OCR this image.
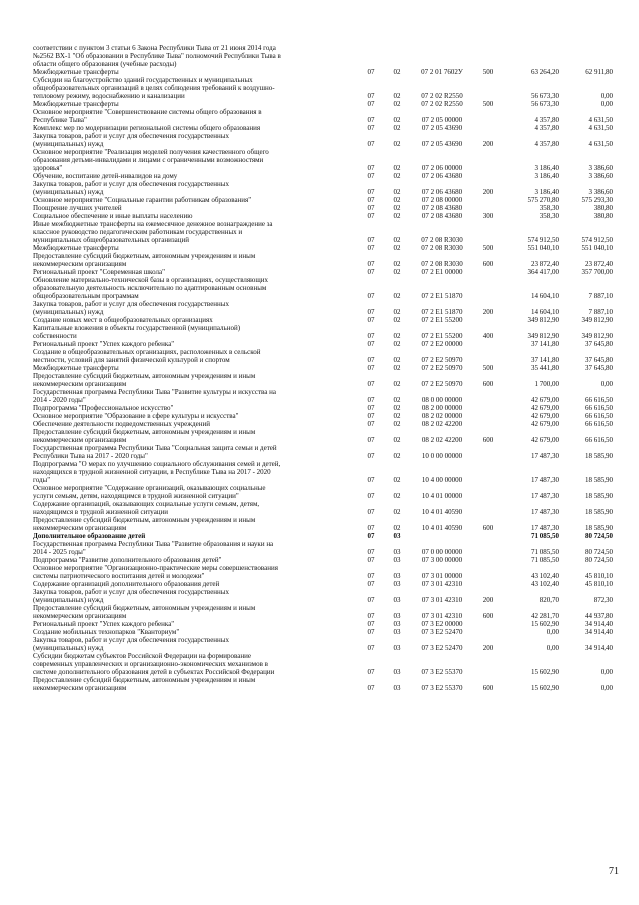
соответствии с пунктом 3 статьи 6 Закона Республики Тыва от 21 июня 2014 года
№2562 ВХ-1 "Об образовании в Республике Тыва" полномочий Республики Тыва в
области общего образования (учебные расходы)
Межбюджетные трансферты	07	02	07 2 01 7602У	500	63 264,20	62 911,80
Субсидии на благоустройство зданий государственных и муниципальных
общеобразовательных организаций в целях соблюдения требований к воздушно-
тепловому режиму, водоснабжению и канализации	07	02	07 2 02 R2550	56 673,30	0,00
Межбюджетные трансферты	07	02	07 2 02 R2550	500	56 673,30	0,00
Основное мероприятие "Совершенствование системы общего образования в
Республике Тыва"	07	02	07 2 05 00000	4 357,80	4 631,50
Комплекс мер по модернизации региональной системы общего образования	07	02	07 2 05 43690	4 357,80	4 631,50
Закупка товаров, работ и услуг для обеспечения государственных
(муниципальных) нужд	07	02	07 2 05 43690	200	4 357,80	4 631,50
Основное мероприятие "Реализация моделей получения качественного общего
образования детьми-инвалидами и лицами с ограниченными возможностями
здоровья"	07	02	07 2 06 00000	3 186,40	3 386,60
Обучение, воспитание детей-инвалидов на дому	07	02	07 2 06 43680	3 186,40	3 386,60
Закупка товаров, работ и услуг для обеспечения государственных
(муниципальных) нужд	07	02	07 2 06 43680	200	3 186,40	3 386,60
Основное мероприятие "Социальные гарантии работникам образования"	07	02	07 2 08 00000	575 270,80	575 293,30
Поощрение лучших учителей	07	02	07 2 08 43680	358,30	380,80
Социальное обеспечение и иные выплаты населению	07	02	07 2 08 43680	300	358,30	380,80
Иные межбюджетные трансферты на ежемесячное денежное вознаграждение за
классное руководство педагогическим работникам государственных и
муниципальных общеобразовательных организаций	07	02	07 2 08 R3030	574 912,50	574 912,50
Межбюджетные трансферты	07	02	07 2 08 R3030	500	551 040,10	551 040,10
Предоставление субсидий бюджетным, автономным учреждениям и иным
некоммерческим организациям	07	02	07 2 08 R3030	600	23 872,40	23 872,40
Региональный проект "Современная школа"	07	02	07 2 E1 00000	364 417,00	357 700,00
Обновление материально-технической базы в организациях, осуществляющих
образовательную деятельность исключительно по адаптированным основным
общеобразовательным программам	07	02	07 2 E1 51870	14 604,10	7 887,10
Закупка товаров, работ и услуг для обеспечения государственных
(муниципальных) нужд	07	02	07 2 E1 51870	200	14 604,10	7 887,10
Создание новых мест в общеобразовательных организациях	07	02	07 2 E1 55200	349 812,90	349 812,90
Капитальные вложения в объекты государственной (муниципальной)
собственности	07	02	07 2 E1 55200	400	349 812,90	349 812,90
Региональный проект "Успех каждого ребенка"	07	02	07 2 E2 00000	37 141,80	37 645,80
Создание в общеобразовательных организациях, расположенных в сельской
местности, условий для занятий физической культурой и спортом	07	02	07 2 E2 50970	37 141,80	37 645,80
Межбюджетные трансферты	07	02	07 2 E2 50970	500	35 441,80	37 645,80
Предоставление субсидий бюджетным, автономным учреждениям и иным
некоммерческим организациям	07	02	07 2 E2 50970	600	1 700,00	0,00
Государственная программа Республики Тыва "Развитие культуры и искусства на
2014 - 2020 годы"	07	02	08 0 00 00000	42 679,00	66 616,50
Подпрограмма "Профессиональное искусство"	07	02	08 2 00 00000	42 679,00	66 616,50
Основное мероприятие "Образование в сфере культуры и искусства"	07	02	08 2 02 00000	42 679,00	66 616,50
Обеспечение деятельности подведомственных учреждений	07	02	08 2 02 42200	42 679,00	66 616,50
Предоставление субсидий бюджетным, автономным учреждениям и иным
некоммерческим организациям	07	02	08 2 02 42200	600	42 679,00	66 616,50
Государственная программа Республики Тыва "Социальная защита семьи и детей
Республики Тыва на 2017 - 2020 годы"	07	02	10 0 00 00000	17 487,30	18 585,90
Подпрограмма "О мерах по улучшению социального обслуживания семей и детей,
находящихся в трудной жизненной ситуации, в Республике Тыва на 2017 - 2020
годы"	07	02	10 4 00 00000	17 487,30	18 585,90
Основное мероприятие "Содержание организаций, оказывающих социальные
услуги семьям, детям, находящимся в трудной жизненной ситуации"	07	02	10 4 01 00000	17 487,30	18 585,90
Содержание организаций, оказывающих социальные услуги семьям, детям,
находящимся в трудной жизненной ситуации	07	02	10 4 01 40590	17 487,30	18 585,90
Предоставление субсидий бюджетным, автономным учреждениям и иным
некоммерческим организациям	07	02	10 4 01 40590	600	17 487,30	18 585,90
Дополнительное образование детей	07	03	71 085,50	80 724,50
Государственная программа Республики Тыва "Развитие образования и науки на
2014 - 2025 годы"	07	03	07 0 00 00000	71 085,50	80 724,50
Подпрограмма "Развитие дополнительного образования детей"	07	03	07 3 00 00000	71 085,50	80 724,50
Основное мероприятие "Организационно-практические меры совершенствования
системы патриотического воспитания детей и молодежи"	07	03	07 3 01 00000	43 102,40	45 810,10
Содержание организаций дополнительного образования детей	07	03	07 3 01 42310	43 102,40	45 810,10
Закупка товаров, работ и услуг для обеспечения государственных
(муниципальных) нужд	07	03	07 3 01 42310	200	820,70	872,30
Предоставление субсидий бюджетным, автономным учреждениям и иным
некоммерческим организациям	07	03	07 3 01 42310	600	42 281,70	44 937,80
Региональный проект "Успех каждого ребенка"	07	03	07 3 E2 00000	15 602,90	34 914,40
Создание мобильных технопарков "Кванториум"	07	03	07 3 E2 52470	0,00	34 914,40
Закупка товаров, работ и услуг для обеспечения государственных
(муниципальных) нужд	07	03	07 3 E2 52470	200	0,00	34 914,40
Субсидии бюджетам субъектов Российской Федерации на формирование
современных управленческих и организационно-экономических механизмов в
системе дополнительного образования детей в субъектах Российской Федерации	07	03	07 3 E2 55370	15 602,90	0,00
Предоставление субсидий бюджетным, автономным учреждениям и иным
некоммерческим организациям	07	03	07 3 E2 55370	600	15 602,90	0,00
71
